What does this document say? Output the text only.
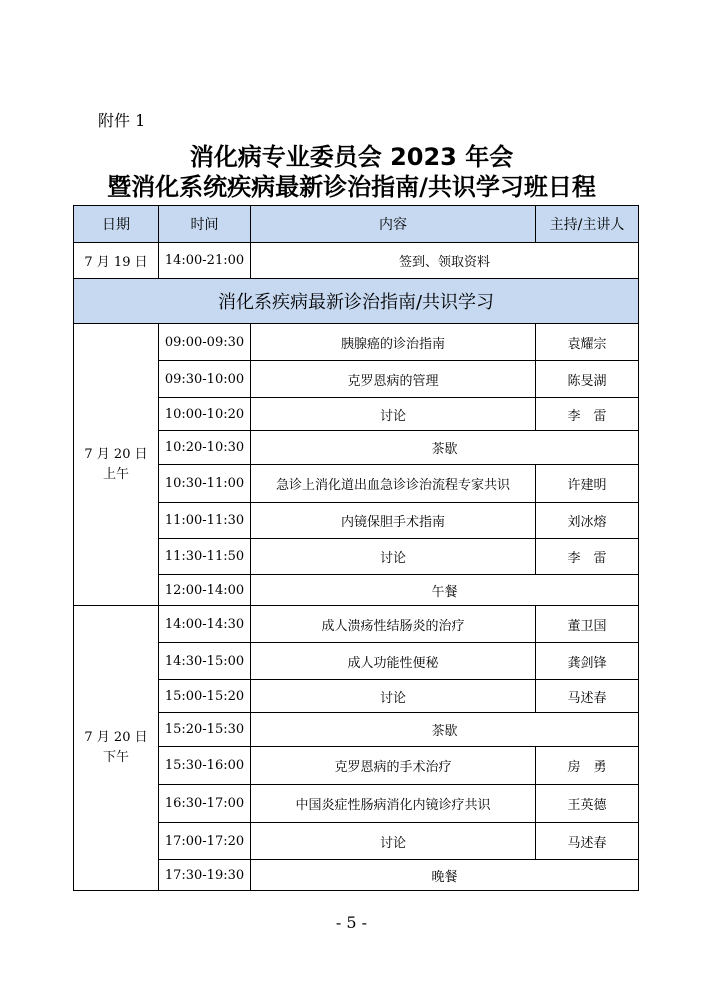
附件 1
消化病专业委员会 2023 年会
暨消化系统疾病最新诊治指南/共识学习班日程
日期	时间	内容	主持/主讲人
7 月 19 日	14:00-21:00	签到、领取资料	
消化系疾病最新诊治指南/共识学习			

7 月 20 日
上午	09:00-09:30	胰腺癌的诊治指南	袁耀宗
	09:30-10:00	克罗恩病的管理	陈旻湖
	10:00-10:20	讨论	李　雷
	10:20-10:30	茶歇	
	10:30-11:00	急诊上消化道出血急诊诊治流程专家共识	许建明
	11:00-11:30	内镜保胆手术指南	刘冰熔
	11:30-11:50	讨论	李　雷
	12:00-14:00	午餐	

7 月 20 日
下午	14:00-14:30	成人溃疡性结肠炎的治疗	董卫国
	14:30-15:00	成人功能性便秘	龚剑锋
	15:00-15:20	讨论	马述春
	15:20-15:30	茶歇	
	15:30-16:00	克罗恩病的手术治疗	房　勇
	16:30-17:00	中国炎症性肠病消化内镜诊疗共识	王英德
	17:00-17:20	讨论	马述春
	17:30-19:30	晚餐	
- 5 -
